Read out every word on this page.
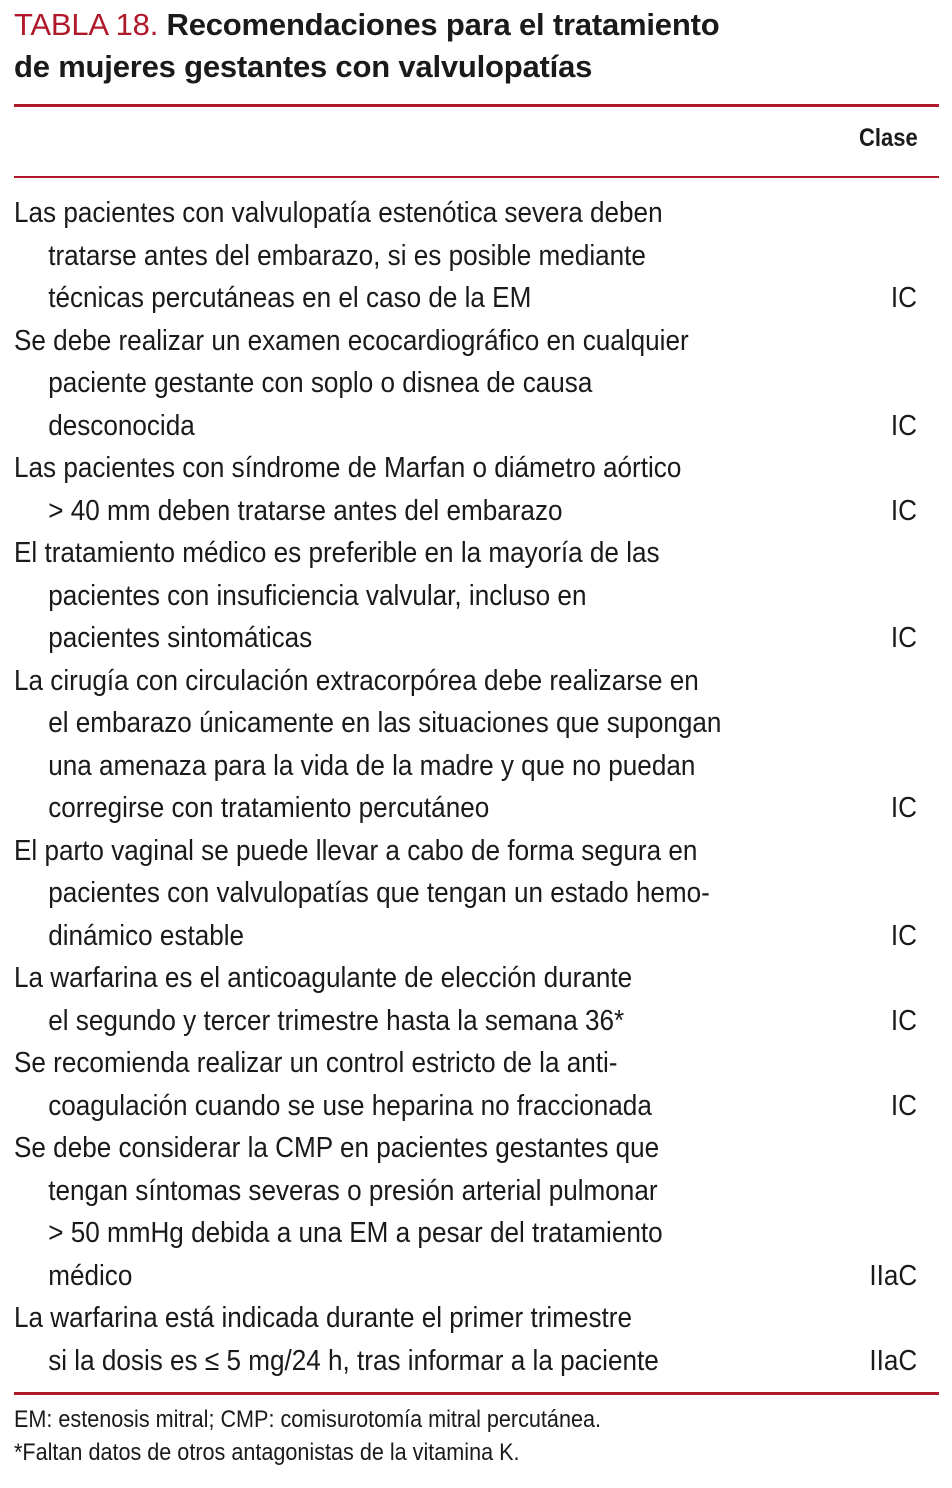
TABLA 18. Recomendaciones para el tratamiento
de mujeres gestantes con valvulopatías
Clase
Las pacientes con valvulopatía estenótica severa deben
tratarse antes del embarazo, si es posible mediante
técnicas percutáneas en el caso de la EM	IC
Se debe realizar un examen ecocardiográfico en cualquier
paciente gestante con soplo o disnea de causa
desconocida	IC
Las pacientes con síndrome de Marfan o diámetro aórtico
> 40 mm deben tratarse antes del embarazo	IC
El tratamiento médico es preferible en la mayoría de las
pacientes con insuficiencia valvular, incluso en
pacientes sintomáticas	IC
La cirugía con circulación extracorpórea debe realizarse en
el embarazo únicamente en las situaciones que supongan
una amenaza para la vida de la madre y que no puedan
corregirse con tratamiento percutáneo	IC
El parto vaginal se puede llevar a cabo de forma segura en
pacientes con valvulopatías que tengan un estado hemo-
dinámico estable	IC
La warfarina es el anticoagulante de elección durante
el segundo y tercer trimestre hasta la semana 36*	IC
Se recomienda realizar un control estricto de la anti-
coagulación cuando se use heparina no fraccionada	IC
Se debe considerar la CMP en pacientes gestantes que
tengan síntomas severas o presión arterial pulmonar
> 50 mmHg debida a una EM a pesar del tratamiento
médico	IIaC
La warfarina está indicada durante el primer trimestre
si la dosis es ≤ 5 mg/24 h, tras informar a la paciente	IIaC
EM: estenosis mitral; CMP: comisurotomía mitral percutánea.
*Faltan datos de otros antagonistas de la vitamina K.
